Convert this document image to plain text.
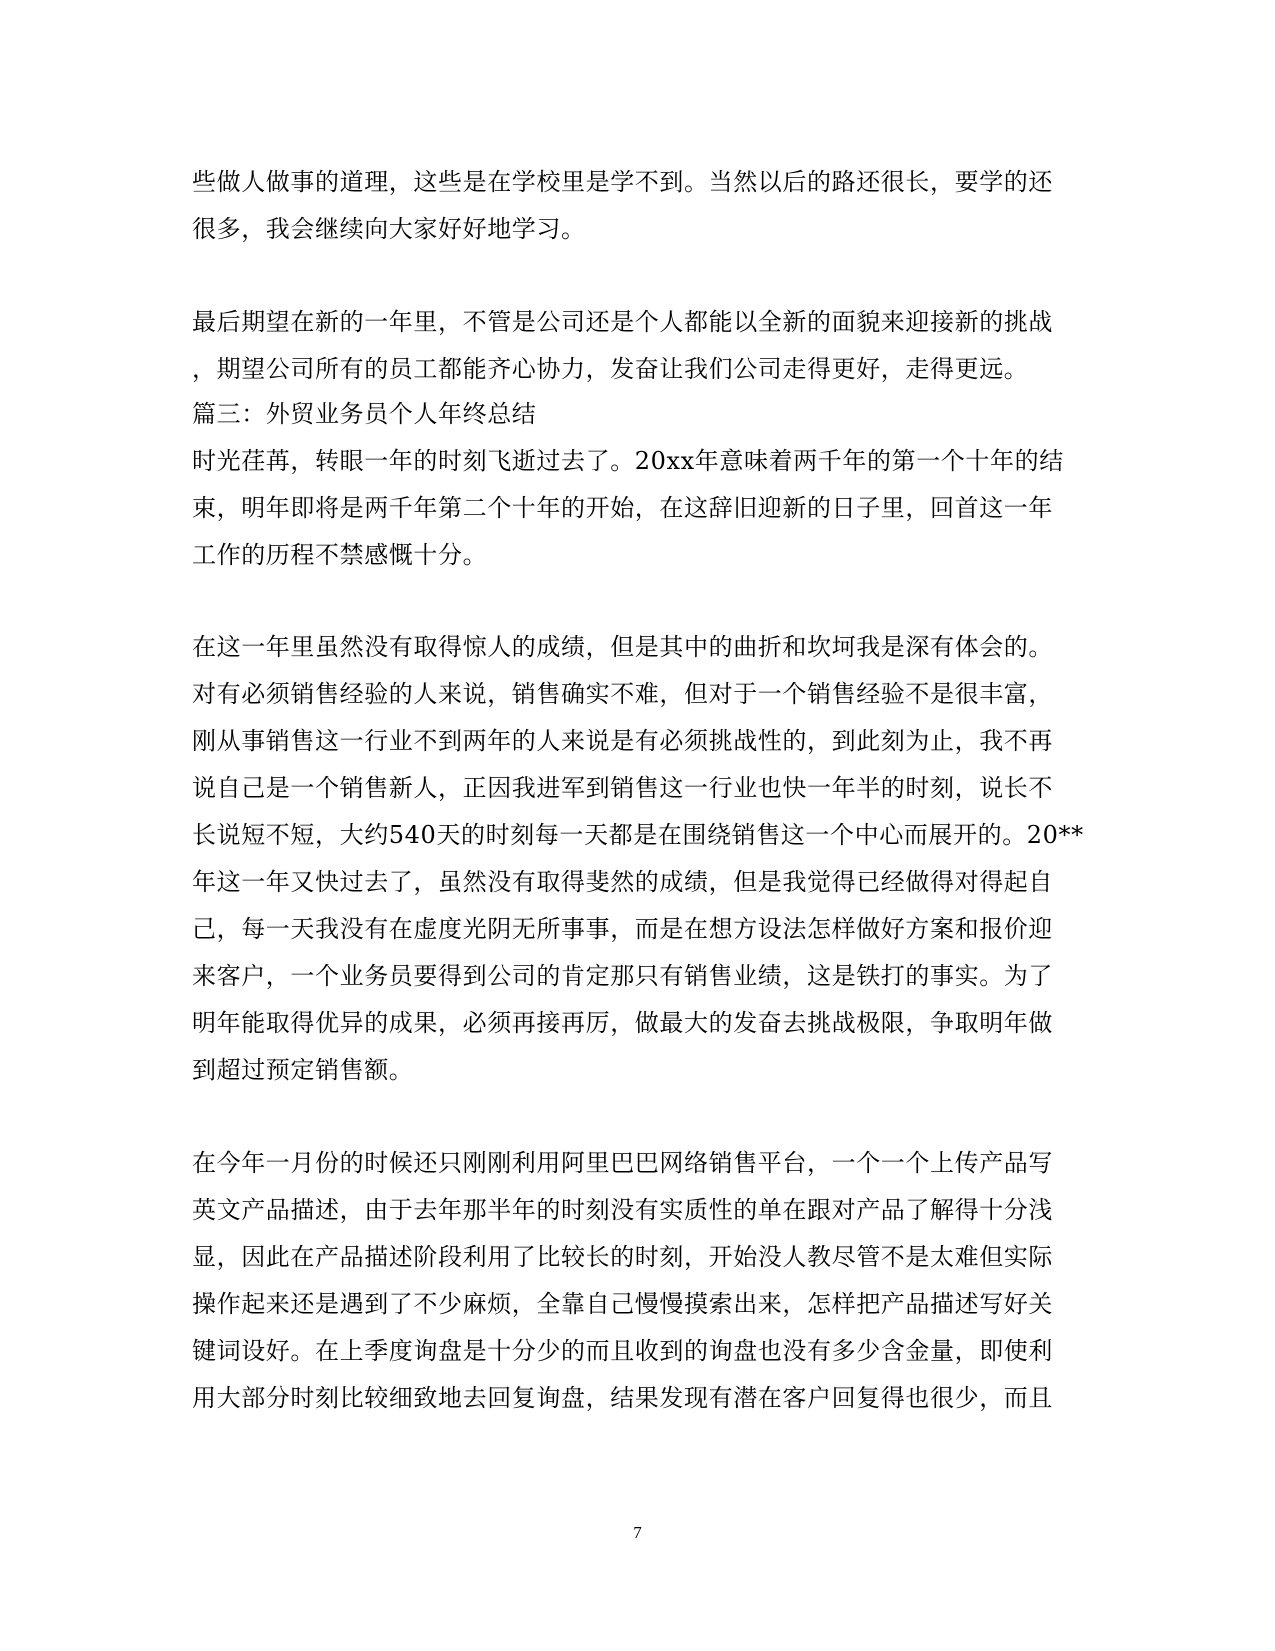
些做人做事的道理，这些是在学校里是学不到。当然以后的路还很长，要学的还

很多，我会继续向大家好好地学习。

最后期望在新的一年里，不管是公司还是个人都能以全新的面貌来迎接新的挑战

，期望公司所有的员工都能齐心协力，发奋让我们公司走得更好，走得更远。

篇三：外贸业务员个人年终总结

时光荏苒，转眼一年的时刻飞逝过去了。20xx年意味着两千年的第一个十年的结

束，明年即将是两千年第二个十年的开始，在这辞旧迎新的日子里，回首这一年

工作的历程不禁感慨十分。

在这一年里虽然没有取得惊人的成绩，但是其中的曲折和坎坷我是深有体会的。

对有必须销售经验的人来说，销售确实不难，但对于一个销售经验不是很丰富，

刚从事销售这一行业不到两年的人来说是有必须挑战性的，到此刻为止，我不再

说自己是一个销售新人，正因我进军到销售这一行业也快一年半的时刻，说长不

长说短不短，大约540天的时刻每一天都是在围绕销售这一个中心而展开的。20**

年这一年又快过去了，虽然没有取得斐然的成绩，但是我觉得已经做得对得起自

己，每一天我没有在虚度光阴无所事事，而是在想方设法怎样做好方案和报价迎

来客户，一个业务员要得到公司的肯定那只有销售业绩，这是铁打的事实。为了

明年能取得优异的成果，必须再接再厉，做最大的发奋去挑战极限，争取明年做

到超过预定销售额。

在今年一月份的时候还只刚刚利用阿里巴巴网络销售平台，一个一个上传产品写

英文产品描述，由于去年那半年的时刻没有实质性的单在跟对产品了解得十分浅

显，因此在产品描述阶段利用了比较长的时刻，开始没人教尽管不是太难但实际

操作起来还是遇到了不少麻烦，全靠自己慢慢摸索出来，怎样把产品描述写好关

键词设好。在上季度询盘是十分少的而且收到的询盘也没有多少含金量，即使利

用大部分时刻比较细致地去回复询盘，结果发现有潜在客户回复得也很少，而且

7
